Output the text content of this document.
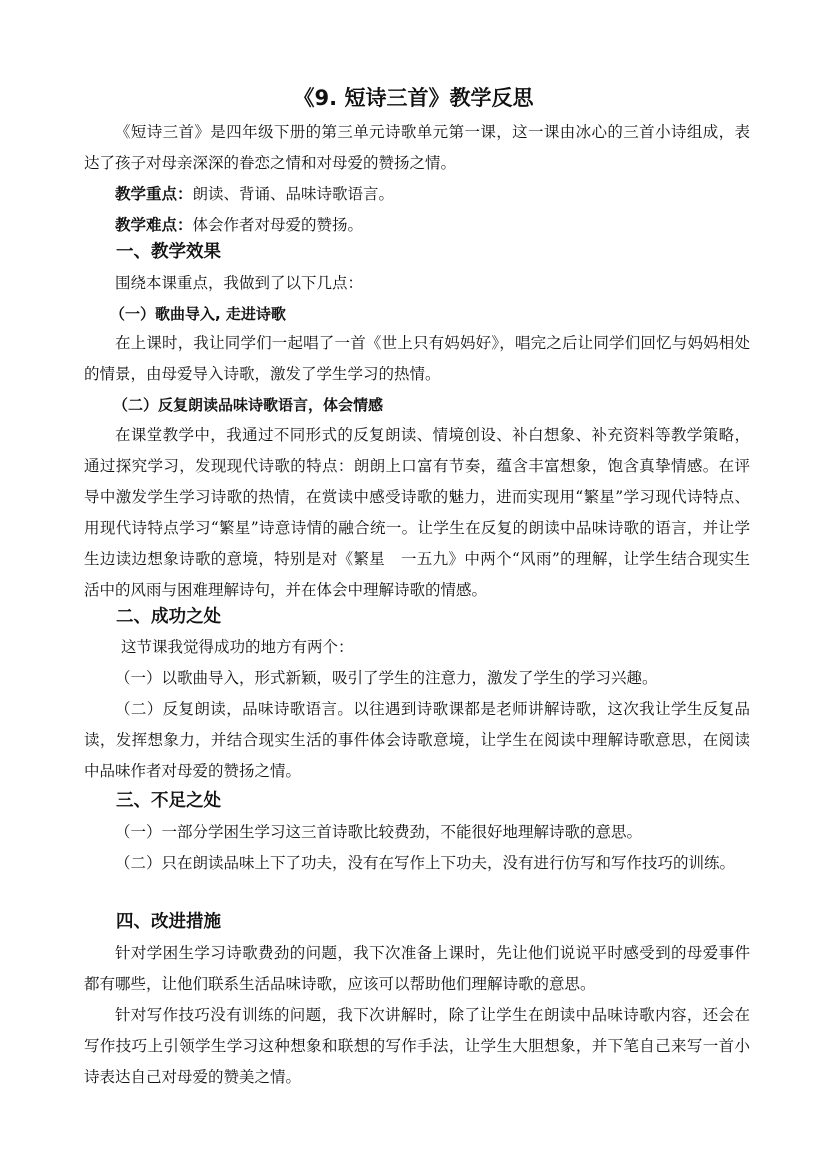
《9. 短诗三首》教学反思

《短诗三首》是四年级下册的第三单元诗歌单元第一课，这一课由冰心的三首小诗组成，表达了孩子对母亲深深的眷恋之情和对母爱的赞扬之情。

教学重点：朗读、背诵、品味诗歌语言。

教学难点：体会作者对母爱的赞扬。

一、教学效果

围绕本课重点，我做到了以下几点：

（一）歌曲导入, 走进诗歌

在上课时，我让同学们一起唱了一首《世上只有妈妈好》，唱完之后让同学们回忆与妈妈相处的情景，由母爱导入诗歌，激发了学生学习的热情。

（二）反复朗读品味诗歌语言，体会情感

在课堂教学中，我通过不同形式的反复朗读、情境创设、补白想象、补充资料等教学策略，通过探究学习，发现现代诗歌的特点：朗朗上口富有节奏，蕴含丰富想象，饱含真挚情感。在评导中激发学生学习诗歌的热情，在赏读中感受诗歌的魅力，进而实现用“繁星”学习现代诗特点、用现代诗特点学习“繁星”诗意诗情的融合统一。让学生在反复的朗读中品味诗歌的语言，并让学生边读边想象诗歌的意境，特别是对《繁星　一五九》中两个“风雨”的理解，让学生结合现实生活中的风雨与困难理解诗句，并在体会中理解诗歌的情感。

二、成功之处

这节课我觉得成功的地方有两个：

（一）以歌曲导入，形式新颖，吸引了学生的注意力，激发了学生的学习兴趣。

（二）反复朗读，品味诗歌语言。以往遇到诗歌课都是老师讲解诗歌，这次我让学生反复品读，发挥想象力，并结合现实生活的事件体会诗歌意境，让学生在阅读中理解诗歌意思，在阅读中品味作者对母爱的赞扬之情。

三、不足之处

（一）一部分学困生学习这三首诗歌比较费劲，不能很好地理解诗歌的意思。

（二）只在朗读品味上下了功夫，没有在写作上下功夫，没有进行仿写和写作技巧的训练。

四、改进措施

针对学困生学习诗歌费劲的问题，我下次准备上课时，先让他们说说平时感受到的母爱事件都有哪些，让他们联系生活品味诗歌，应该可以帮助他们理解诗歌的意思。

针对写作技巧没有训练的问题，我下次讲解时，除了让学生在朗读中品味诗歌内容，还会在写作技巧上引领学生学习这种想象和联想的写作手法，让学生大胆想象，并下笔自己来写一首小诗表达自己对母爱的赞美之情。
